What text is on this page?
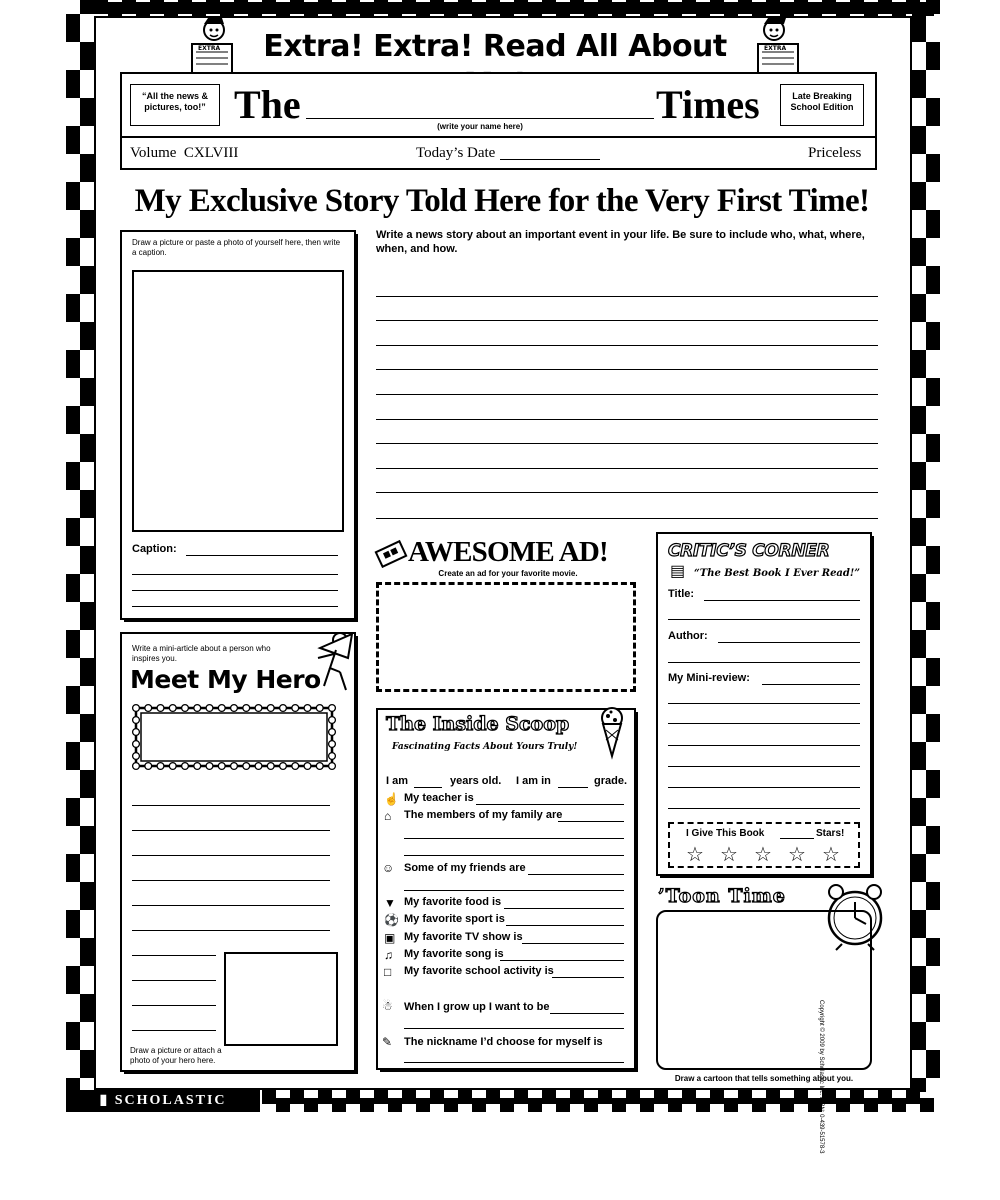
EXTRA	Extra! Extra! Read All About	EXTRA
“All the news & pictures, too!” The	(write your name here)	Times	Late Breaking School Edition
Volume  CXLVIII	Today’s Date	Priceless
My Exclusive Story Told Here for the Very First Time!
Draw a picture or paste a photo of yourself here, then write a caption.
Caption:
Write a news story about an important event in your life. Be sure to include who, what, where, when, and how.
Write a mini-article about a person who inspires you.
Meet My Hero
Draw a picture or attach a photo of your hero here.
AWESOME AD!
Create an ad for your favorite movie.
The Inside Scoop
Fascinating Facts About Yours Truly!
I am	years old. I am in	grade.
☝ My teacher is
⌂ The members of my family are
☺ Some of my friends are
▼ My favorite food is
⚽ My favorite sport is
▣ My favorite TV show is
♫ My favorite song is
□ My favorite school activity is
☃ When I grow up I want to be
✎ The nickname I’d choose for myself is
CRITIC’S CORNER
▤ “The Best Book I Ever Read!”
Title:
Author:
My Mini-review:
I Give This Book	Stars!
☆ ☆ ☆ ☆ ☆
’Toon Time
Draw a cartoon that tells something about you.
Copyright © 2009 by Scholastic Inc. ISBN: 0-439-51578-3
▮ SCHOLASTIC
